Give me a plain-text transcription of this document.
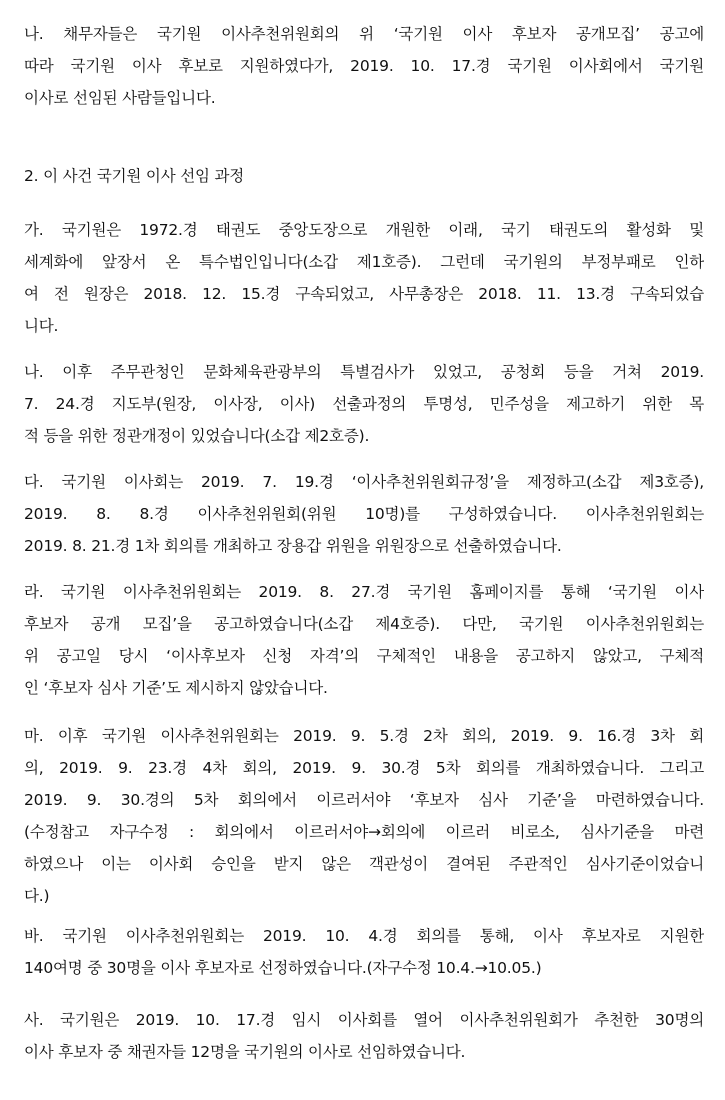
나. 채무자들은 국기원 이사추천위원회의 위 ‘국기원 이사 후보자 공개모집’ 공고에
따라 국기원 이사 후보로 지원하였다가, 2019. 10. 17.경 국기원 이사회에서 국기원
이사로 선임된 사람들입니다.
2. 이 사건 국기원 이사 선임 과정
가. 국기원은 1972.경 태권도 중앙도장으로 개원한 이래, 국기 태권도의 활성화 및
세계화에 앞장서 온 특수법인입니다(소갑 제1호증). 그런데 국기원의 부정부패로 인하
여 전 원장은 2018. 12. 15.경 구속되었고, 사무총장은 2018. 11. 13.경 구속되었습
니다.
나. 이후 주무관청인 문화체육관광부의 특별검사가 있었고, 공청회 등을 거쳐 2019.
7. 24.경 지도부(원장, 이사장, 이사) 선출과정의 투명성, 민주성을 제고하기 위한 목
적 등을 위한 정관개정이 있었습니다(소갑 제2호증).
다. 국기원 이사회는 2019. 7. 19.경 ‘이사추천위원회규정’을 제정하고(소갑 제3호증),
2019. 8. 8.경 이사추천위원회(위원 10명)를 구성하였습니다. 이사추천위원회는
2019. 8. 21.경 1차 회의를 개최하고 장용갑 위원을 위원장으로 선출하였습니다.
라. 국기원 이사추천위원회는 2019. 8. 27.경 국기원 홈페이지를 통해 ‘국기원 이사
후보자 공개 모집’을 공고하였습니다(소갑 제4호증). 다만, 국기원 이사추천위원회는
위 공고일 당시 ‘이사후보자 신청 자격’의 구체적인 내용을 공고하지 않았고, 구체적
인 ‘후보자 심사 기준’도 제시하지 않았습니다.
마. 이후 국기원 이사추천위원회는 2019. 9. 5.경 2차 회의, 2019. 9. 16.경 3차 회
의, 2019. 9. 23.경 4차 회의, 2019. 9. 30.경 5차 회의를 개최하였습니다. 그리고
2019. 9. 30.경의 5차 회의에서 이르러서야 ‘후보자 심사 기준’을 마련하였습니다.
(수정참고 자구수정 : 회의에서 이르러서야→회의에 이르러 비로소, 심사기준을 마련
하였으나 이는 이사회 승인을 받지 않은 객관성이 결여된 주관적인 심사기준이었습니
다.)
바. 국기원 이사추천위원회는 2019. 10. 4.경 회의를 통해, 이사 후보자로 지원한
140여명 중 30명을 이사 후보자로 선정하였습니다.(자구수정 10.4.→10.05.)
사. 국기원은 2019. 10. 17.경 임시 이사회를 열어 이사추천위원회가 추천한 30명의
이사 후보자 중 채권자들 12명을 국기원의 이사로 선임하였습니다.
